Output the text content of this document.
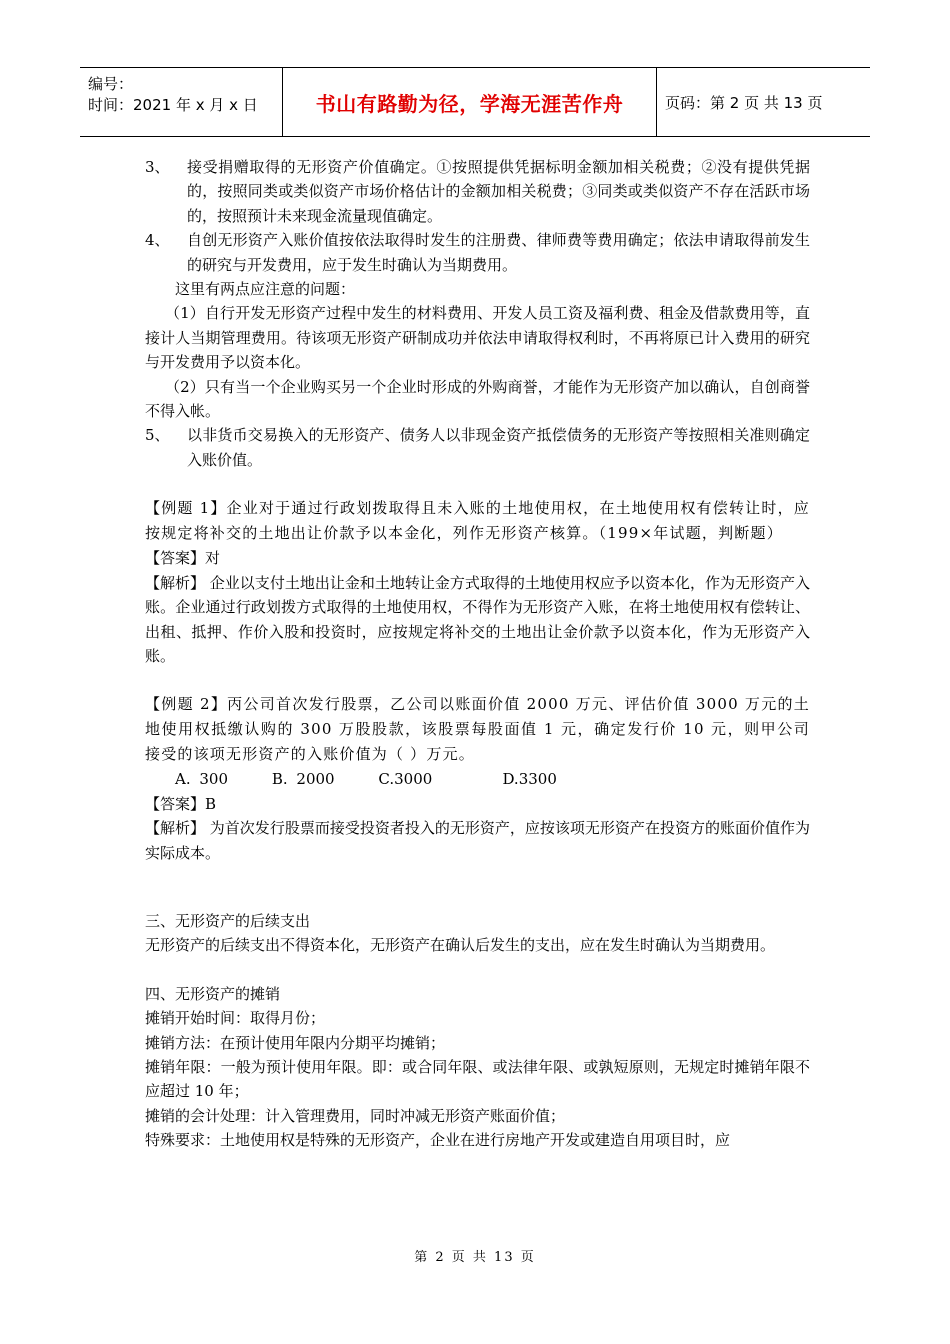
编号：
时间：2021 年 x 月 x 日	书山有路勤为径，学海无涯苦作舟	页码：第 2 页 共 13 页
3、	接受捐赠取得的无形资产价值确定。①按照提供凭据标明金额加相关税费；②没有提供凭据的，按照同类或类似资产市场价格估计的金额加相关税费；③同类或类似资产不存在活跃市场的，按照预计未来现金流量现值确定。

4、	自创无形资产入账价值按依法取得时发生的注册费、律师费等费用确定；依法申请取得前发生的研究与开发费用，应于发生时确认为当期费用。

这里有两点应注意的问题：

（1）自行开发无形资产过程中发生的材料费用、开发人员工资及福利费、租金及借款费用等，直接计人当期管理费用。待该项无形资产研制成功并依法申请取得权利时，不再将原已计入费用的研究与开发费用予以资本化。

（2）只有当一个企业购买另一个企业时形成的外购商誉，才能作为无形资产加以确认，自创商誉不得入帐。

5、	以非货币交易换入的无形资产、债务人以非现金资产抵偿债务的无形资产等按照相关准则确定入账价值。

【例题 1】企业对于通过行政划拨取得且未入账的土地使用权，在土地使用权有偿转让时，应按规定将补交的土地出让价款予以本金化，列作无形资产核算。（199×年试题，判断题）

【答案】对

【解析】 企业以支付土地出让金和土地转让金方式取得的土地使用权应予以资本化，作为无形资产入账。企业通过行政划拨方式取得的土地使用权，不得作为无形资产入账，在将土地使用权有偿转让、出租、抵押、作价入股和投资时，应按规定将补交的土地出让金价款予以资本化，作为无形资产入账。

【例题 2】丙公司首次发行股票，乙公司以账面价值 2000 万元、评估价值 3000 万元的土地使用权抵缴认购的 300 万股股款，该股票每股面值 1 元，确定发行价 10 元，则甲公司接受的该项无形资产的入账价值为（ ）万元。

A. 300     B. 2000     C.3000        D.3300

【答案】B

【解析】 为首次发行股票而接受投资者投入的无形资产，应按该项无形资产在投资方的账面价值作为实际成本。

三、无形资产的后续支出

无形资产的后续支出不得资本化，无形资产在确认后发生的支出，应在发生时确认为当期费用。

四、无形资产的摊销

摊销开始时间：取得月份；

摊销方法：在预计使用年限内分期平均摊销；

摊销年限：一般为预计使用年限。即：或合同年限、或法律年限、或孰短原则，无规定时摊销年限不应超过 10 年；

摊销的会计处理：计入管理费用，同时冲减无形资产账面价值；

特殊要求：土地使用权是特殊的无形资产，企业在进行房地产开发或建造自用项目时，应

第 2 页 共 13 页
